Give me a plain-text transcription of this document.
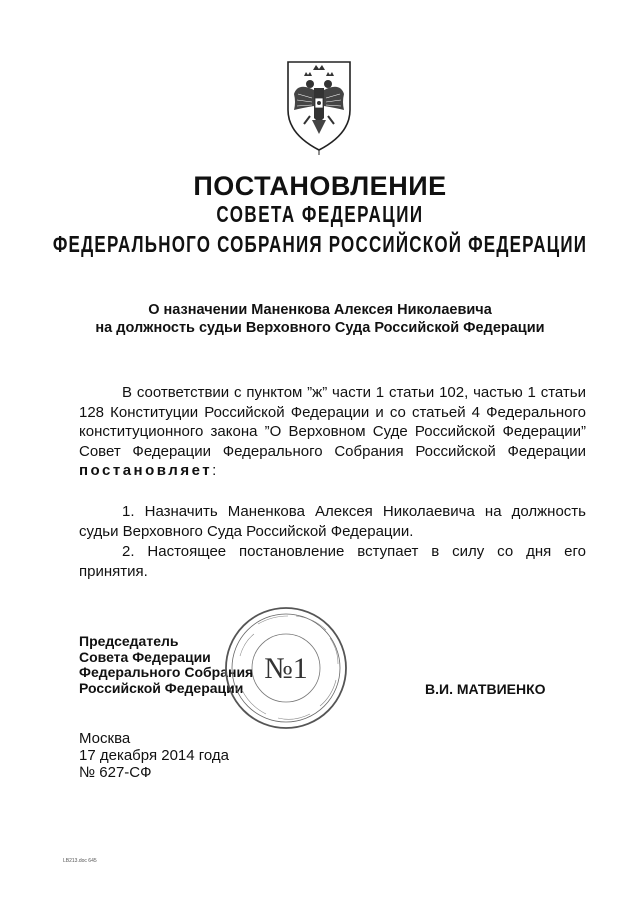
ПОСТАНОВЛЕНИЕ
СОВЕТА ФЕДЕРАЦИИ
ФЕДЕРАЛЬНОГО СОБРАНИЯ РОССИЙСКОЙ ФЕДЕРАЦИИ
О назначении Маненкова Алексея Николаевича
на должность судьи Верховного Суда Российской Федерации
В соответствии с пунктом ”ж” части 1 статьи 102, частью 1 статьи 128 Конституции Российской Федерации и со статьей 4 Федерального конституционного закона ”О Верховном Суде Российской Федерации” Совет Федерации Федерального Собрания Российской Федерации постановляет:
1. Назначить Маненкова Алексея Николаевича на должность судьи Верховного Суда Российской Федерации.
2. Настоящее постановление вступает в силу со дня его принятия.
Председатель
Совета Федерации
Федерального Собрания
Российской Федерации
№1
В.И. МАТВИЕНКО
Москва
17 декабря 2014 года
№ 627-СФ
LB213.doc 645
